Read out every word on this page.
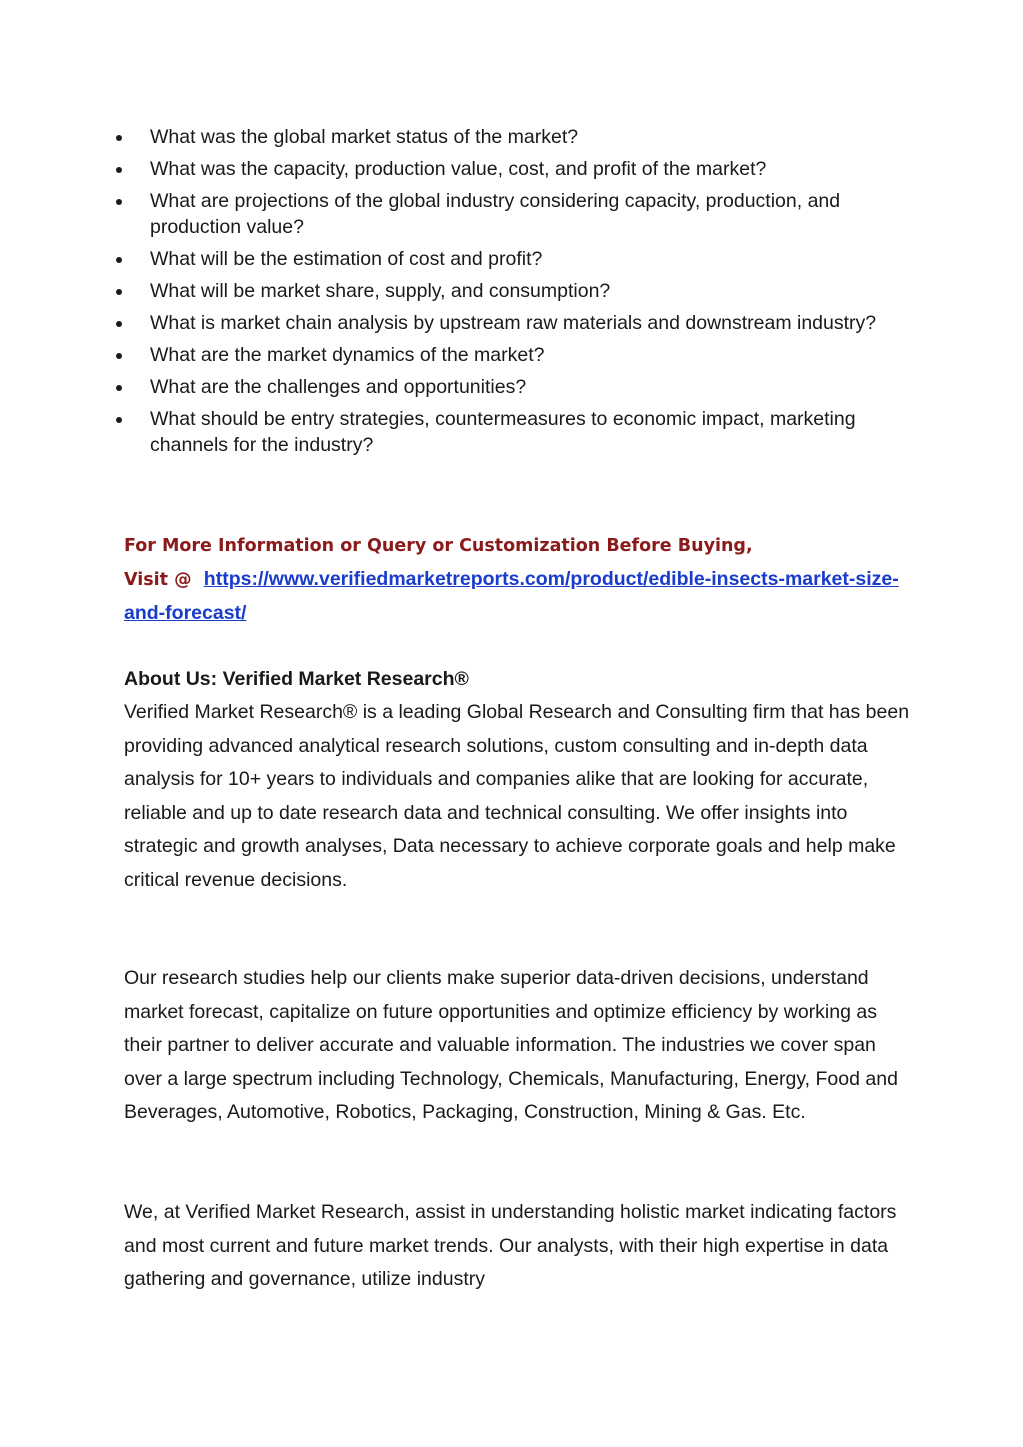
What was the global market status of the market?
What was the capacity, production value, cost, and profit of the market?
What are projections of the global industry considering capacity, production, and production value?
What will be the estimation of cost and profit?
What will be market share, supply, and consumption?
What is market chain analysis by upstream raw materials and downstream industry?
What are the market dynamics of the market?
What are the challenges and opportunities?
What should be entry strategies, countermeasures to economic impact, marketing channels for the industry?
For More Information or Query or Customization Before Buying,
Visit @ https://www.verifiedmarketreports.com/product/edible-insects-market-size-and-forecast/
About Us: Verified Market Research®

Verified Market Research® is a leading Global Research and Consulting firm that has been providing advanced analytical research solutions, custom consulting and in-depth data analysis for 10+ years to individuals and companies alike that are looking for accurate, reliable and up to date research data and technical consulting. We offer insights into strategic and growth analyses, Data necessary to achieve corporate goals and help make critical revenue decisions.

Our research studies help our clients make superior data-driven decisions, understand market forecast, capitalize on future opportunities and optimize efficiency by working as their partner to deliver accurate and valuable information. The industries we cover span over a large spectrum including Technology, Chemicals, Manufacturing, Energy, Food and Beverages, Automotive, Robotics, Packaging, Construction, Mining & Gas. Etc.

We, at Verified Market Research, assist in understanding holistic market indicating factors and most current and future market trends. Our analysts, with their high expertise in data gathering and governance, utilize industry
